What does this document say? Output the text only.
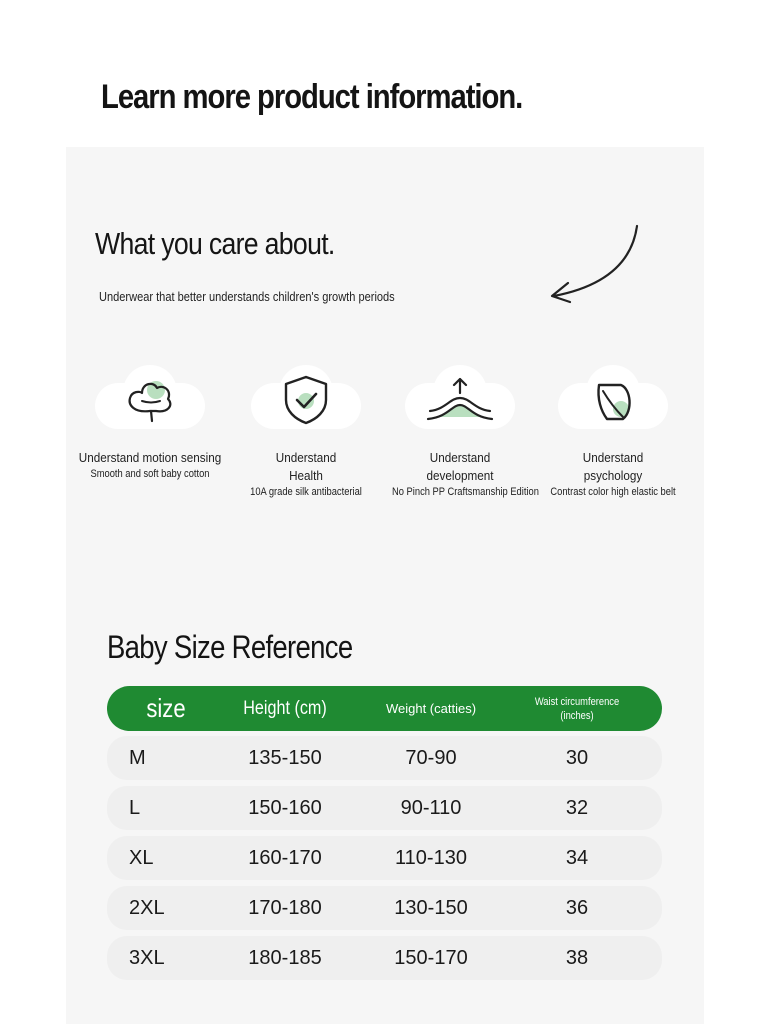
Learn more product information.
What you care about.
Underwear that better understands children's growth periods
Understand motion sensing
Smooth and soft baby cotton
Understand Health
10A grade silk antibacterial
Understand development
No Pinch PP Craftsmanship Edition
Understand psychology
Contrast color high elastic belt
Baby Size Reference
size	Height (cm)	Weight (catties)	Waist circumference (inches)
M	135-150	70-90	30
L	150-160	90-110	32
XL	160-170	110-130	34
2XL	170-180	130-150	36
3XL	180-185	150-170	38
